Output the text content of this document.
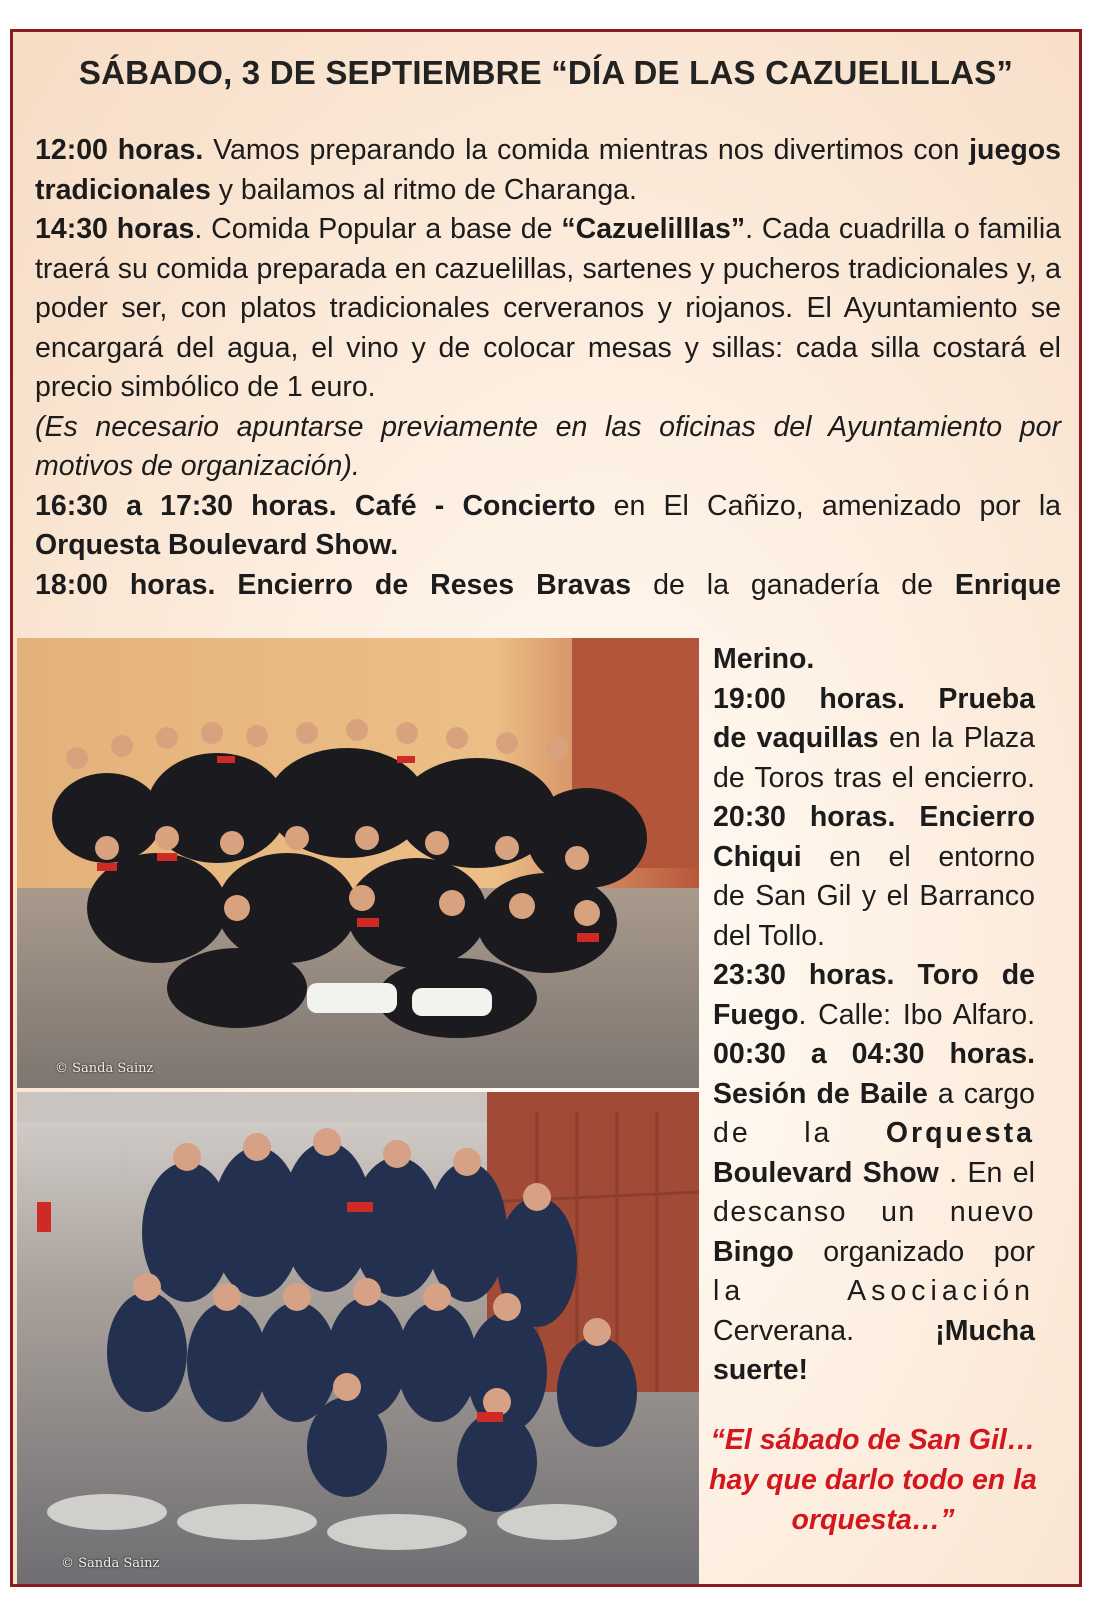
SÁBADO, 3 DE SEPTIEMBRE “DÍA DE LAS CAZUELILLAS”
12:00 horas. Vamos preparando la comida mientras nos divertimos con juegos tradicionales y bailamos al ritmo de Charanga.
14:30 horas. Comida Popular a base de “Cazuelilllas”. Cada cuadrilla o familia traerá su comida preparada en cazuelillas, sartenes y pucheros tradicionales y, a poder ser, con platos tradicionales cerveranos y riojanos. El Ayuntamiento se encargará del agua, el vino y de colocar mesas y sillas: cada silla costará el precio simbólico de 1 euro.
(Es necesario apuntarse previamente en las oficinas del Ayuntamiento por motivos de organización).
16:30 a 17:30 horas. Café - Concierto en El Cañizo, amenizado por la Orquesta Boulevard Show.
18:00 horas. Encierro de Reses Bravas de la ganadería de Enrique
Merino.
19:00 horas. Prueba
de vaquillas en la Plaza
de Toros tras el encierro.
20:30 horas. Encierro
Chiqui en el entorno
de San Gil y el Barranco
del Tollo.
23:30 horas. Toro de
Fuego. Calle: Ibo Alfaro.
00:30 a 04:30 horas.
Sesión de Baile a cargo
de la Orquesta
Boulevard Show . En el
descanso un nuevo
Bingo organizado por
la Asociación
Cerverana. ¡Mucha
suerte!
“El sábado de San Gil… hay que darlo todo en la orquesta…”
© Sanda Sainz
© Sanda Sainz
